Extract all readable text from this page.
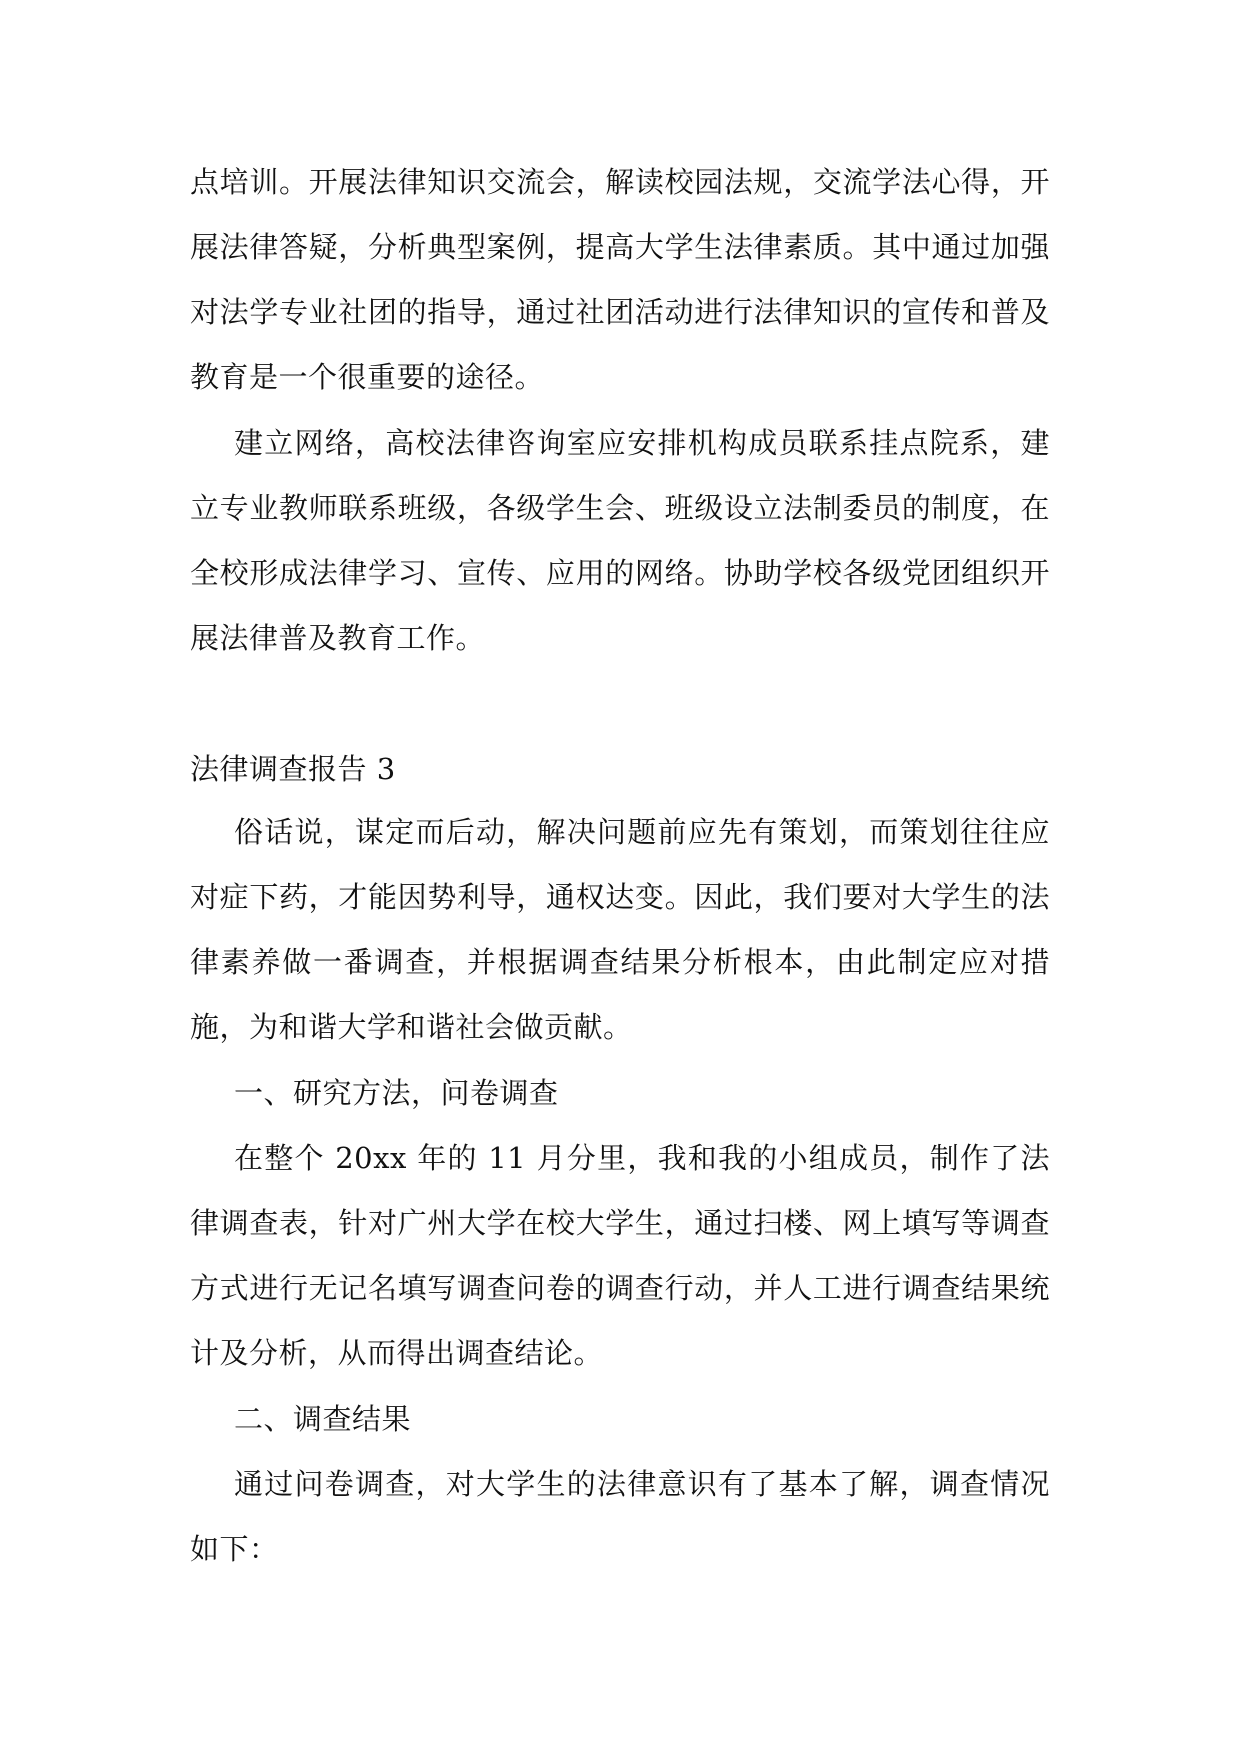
点培训。开展法律知识交流会，解读校园法规，交流学法心得，开展法律答疑，分析典型案例，提高大学生法律素质。其中通过加强对法学专业社团的指导，通过社团活动进行法律知识的宣传和普及教育是一个很重要的途径。

建立网络，高校法律咨询室应安排机构成员联系挂点院系，建立专业教师联系班级，各级学生会、班级设立法制委员的制度，在全校形成法律学习、宣传、应用的网络。协助学校各级党团组织开展法律普及教育工作。

法律调查报告 3

俗话说，谋定而后动，解决问题前应先有策划，而策划往往应对症下药，才能因势利导，通权达变。因此，我们要对大学生的法律素养做一番调查，并根据调查结果分析根本，由此制定应对措施，为和谐大学和谐社会做贡献。

一、研究方法，问卷调查

在整个 20xx 年的 11 月分里，我和我的小组成员，制作了法律调查表，针对广州大学在校大学生，通过扫楼、网上填写等调查方式进行无记名填写调查问卷的调查行动，并人工进行调查结果统计及分析，从而得出调查结论。

二、调查结果

通过问卷调查，对大学生的法律意识有了基本了解，调查情况如下：
